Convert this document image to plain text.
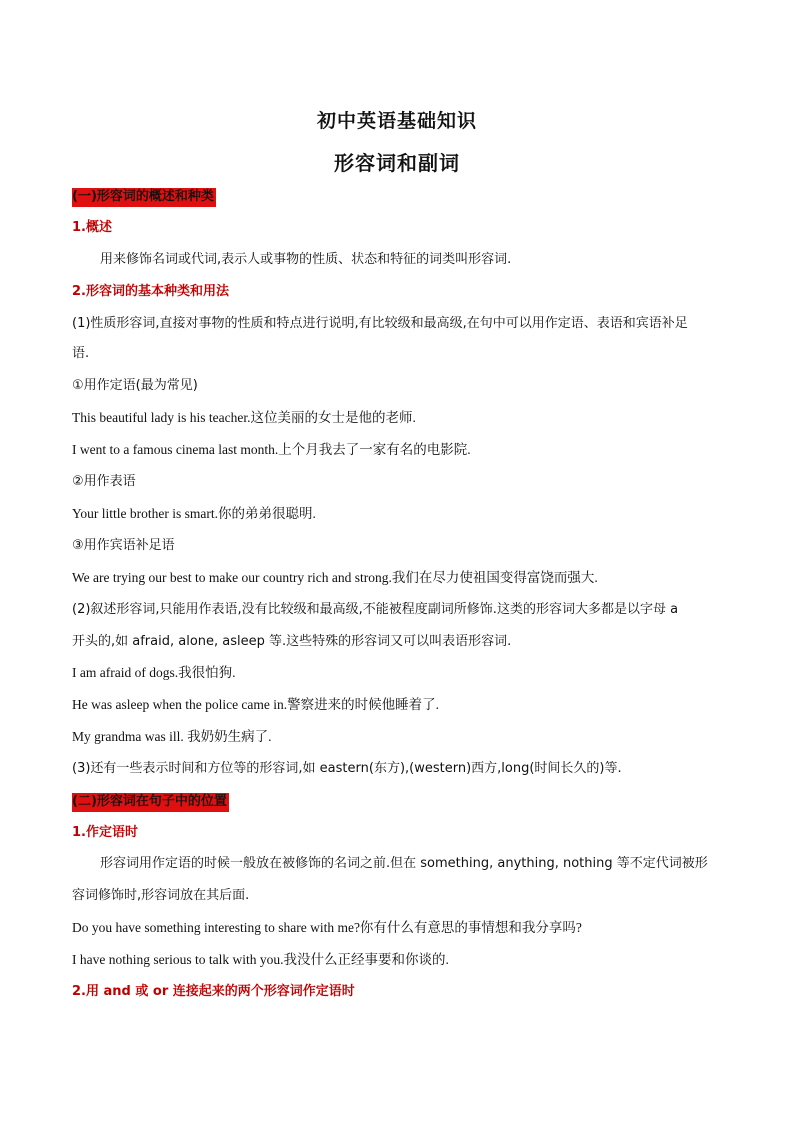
初中英语基础知识
形容词和副词
(一)形容词的概述和种类
1.概述
用来修饰名词或代词,表示人或事物的性质、状态和特征的词类叫形容词.
2.形容词的基本种类和用法
(1)性质形容词,直接对事物的性质和特点进行说明,有比较级和最高级,在句中可以用作定语、表语和宾语补足
语.
①用作定语(最为常见)
This beautiful lady is his teacher.这位美丽的女士是他的老师.
I went to a famous cinema last month.上个月我去了一家有名的电影院.
②用作表语
Your little brother is smart.你的弟弟很聪明.
③用作宾语补足语
We are trying our best to make our country rich and strong.我们在尽力使祖国变得富饶而强大.
(2)叙述形容词,只能用作表语,没有比较级和最高级,不能被程度副词所修饰.这类的形容词大多都是以字母 a
开头的,如 afraid, alone, asleep 等.这些特殊的形容词又可以叫表语形容词.
I am afraid of dogs.我很怕狗.
He was asleep when the police came in.警察进来的时候他睡着了.
My grandma was ill. 我奶奶生病了.
(3)还有一些表示时间和方位等的形容词,如 eastern(东方),(western)西方,long(时间长久的)等.
(二)形容词在句子中的位置
1.作定语时
形容词用作定语的时候一般放在被修饰的名词之前.但在 something, anything, nothing 等不定代词被形
容词修饰时,形容词放在其后面.
Do you have something interesting to share with me?你有什么有意思的事情想和我分享吗?
I have nothing serious to talk with you.我没什么正经事要和你谈的.
2.用 and 或 or 连接起来的两个形容词作定语时
